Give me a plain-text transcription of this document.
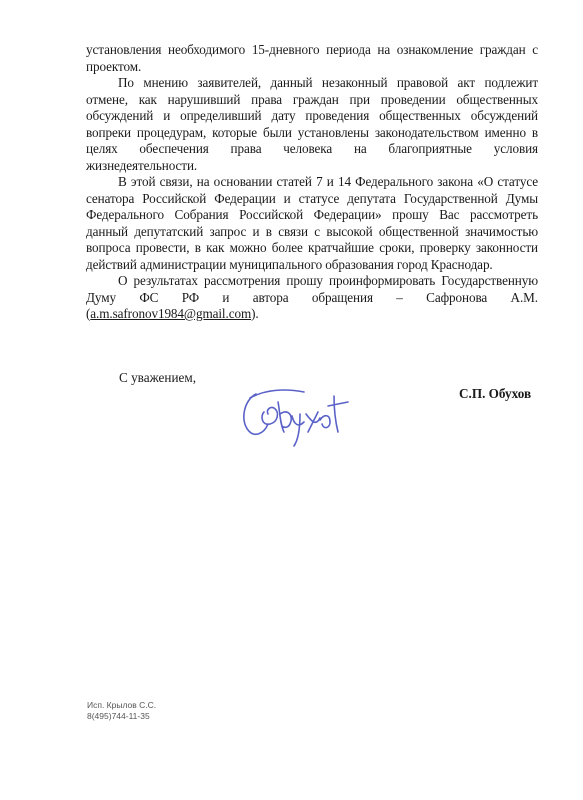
установления необходимого 15-дневного периода на ознакомление граждан с проектом.

По мнению заявителей, данный незаконный правовой акт подлежит отмене, как нарушивший права граждан при проведении общественных обсуждений и определивший дату проведения общественных обсуждений вопреки процедурам, которые были установлены законодательством именно в целях обеспечения права человека на благоприятные условия жизнедеятельности.

В этой связи, на основании статей 7 и 14 Федерального закона «О статусе сенатора Российской Федерации и статусе депутата Государственной Думы Федерального Собрания Российской Федерации» прошу Вас рассмотреть данный депутатский запрос и в связи с высокой общественной значимостью вопроса провести, в как можно более кратчайшие сроки, проверку законности действий администрации муниципального образования город Краснодар.

О результатах рассмотрения прошу проинформировать Государственную Думу ФС РФ и автора обращения – Сафронова А.М. (a.m.safronov1984@gmail.com).

С уважением,
С.П. Обухов
Исп. Крылов С.С.
8(495)744-11-35
